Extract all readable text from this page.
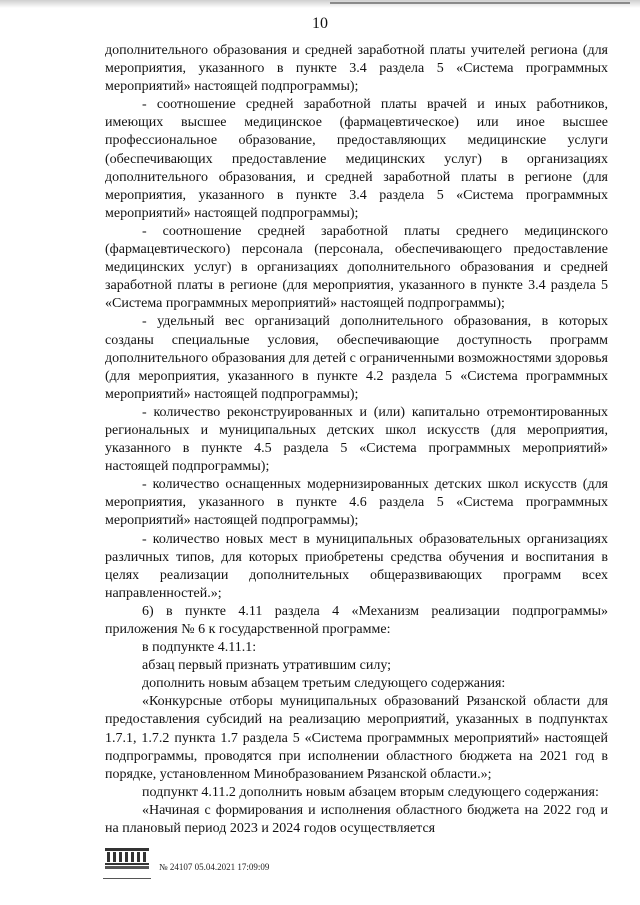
10

дополнительного образования и средней заработной платы учителей региона (для мероприятия, указанного в пункте 3.4 раздела 5 «Система программных мероприятий» настоящей подпрограммы);

- соотношение средней заработной платы врачей и иных работников, имеющих высшее медицинское (фармацевтическое) или иное высшее профессиональное образование, предоставляющих медицинские услуги (обеспечивающих предоставление медицинских услуг) в организациях дополнительного образования, и средней заработной платы в регионе (для мероприятия, указанного в пункте 3.4 раздела 5 «Система программных мероприятий» настоящей подпрограммы);

- соотношение средней заработной платы среднего медицинского (фармацевтического) персонала (персонала, обеспечивающего предоставление медицинских услуг) в организациях дополнительного образования и средней заработной платы в регионе (для мероприятия, указанного в пункте 3.4 раздела 5 «Система программных мероприятий» настоящей подпрограммы);

- удельный вес организаций дополнительного образования, в которых созданы специальные условия, обеспечивающие доступность программ дополнительного образования для детей с ограниченными возможностями здоровья (для мероприятия, указанного в пункте 4.2 раздела 5 «Система программных мероприятий» настоящей подпрограммы);

- количество реконструированных и (или) капитально отремонтированных региональных и муниципальных детских школ искусств (для мероприятия, указанного в пункте 4.5 раздела 5 «Система программных мероприятий» настоящей подпрограммы);

- количество оснащенных модернизированных детских школ искусств (для мероприятия, указанного в пункте 4.6 раздела 5 «Система программных мероприятий» настоящей подпрограммы);

- количество новых мест в муниципальных образовательных организациях различных типов, для которых приобретены средства обучения и воспитания в целях реализации дополнительных общеразвивающих программ всех направленностей.»;

6) в пункте 4.11 раздела 4 «Механизм реализации подпрограммы» приложения № 6 к государственной программе:

в подпункте 4.11.1:

абзац первый признать утратившим силу;

дополнить новым абзацем третьим следующего содержания:

«Конкурсные отборы муниципальных образований Рязанской области для предоставления субсидий на реализацию мероприятий, указанных в подпунктах 1.7.1, 1.7.2 пункта 1.7 раздела 5 «Система программных мероприятий» настоящей подпрограммы, проводятся при исполнении областного бюджета на 2021 год в порядке, установленном Минобразованием Рязанской области.»;

подпункт 4.11.2 дополнить новым абзацем вторым следующего содержания:

«Начиная с формирования и исполнения областного бюджета на 2022 год и на плановый период 2023 и 2024 годов осуществляется

№ 24107 05.04.2021 17:09:09
